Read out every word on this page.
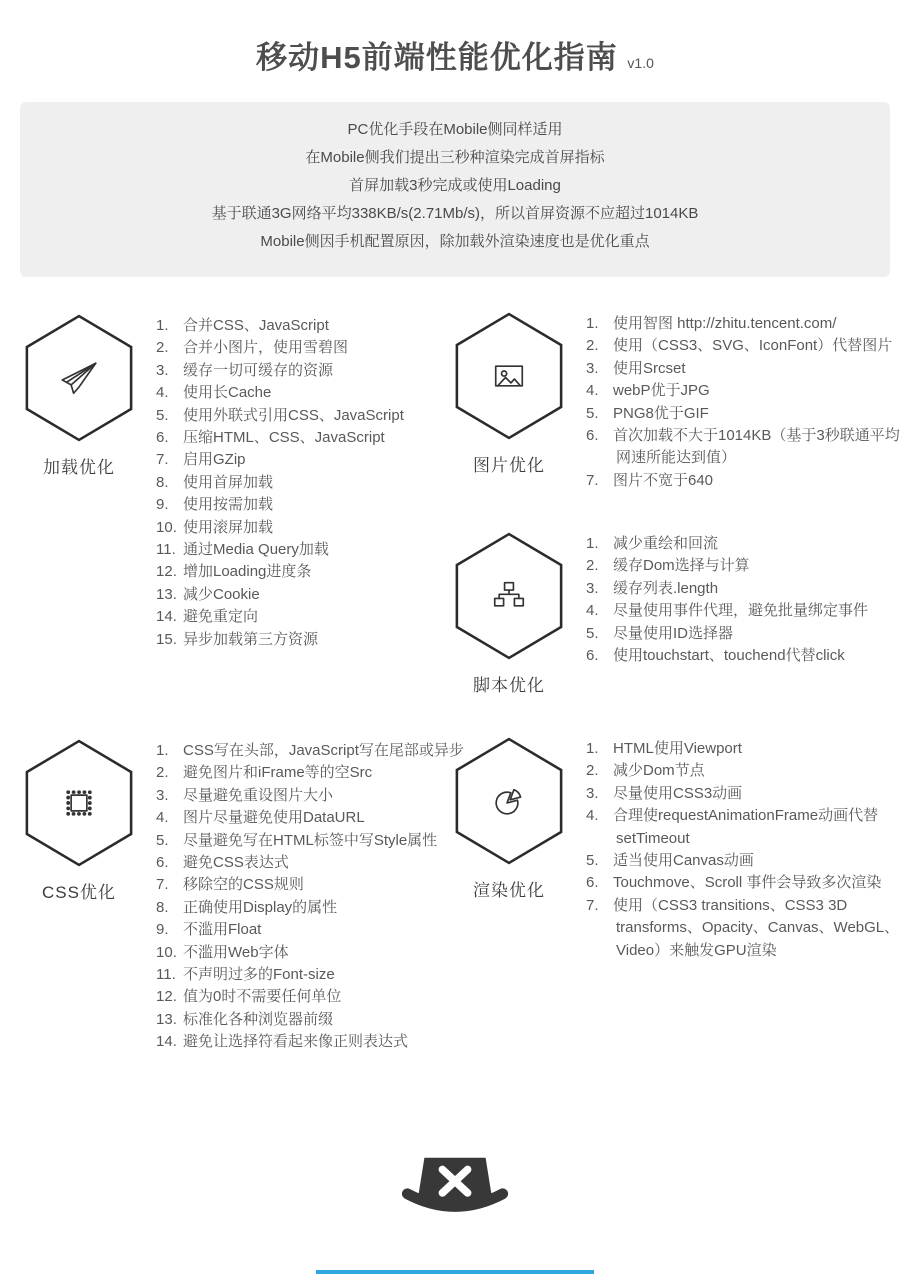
移动H5前端性能优化指南 v1.0

PC优化手段在Mobile侧同样适用

在Mobile侧我们提出三秒种渲染完成首屏指标

首屏加载3秒完成或使用Loading

基于联通3G网络平均338KB/s(2.71Mb/s)，所以首屏资源不应超过1014KB

Mobile侧因手机配置原因，除加载外渲染速度也是优化重点

加载优化
合并CSS、JavaScript
合并小图片，使用雪碧图
缓存一切可缓存的资源
使用长Cache
使用外联式引用CSS、JavaScript
压缩HTML、CSS、JavaScript
启用GZip
使用首屏加载
使用按需加载
使用滚屏加载
通过Media Query加载
增加Loading进度条
减少Cookie
避免重定向
异步加载第三方资源
图片优化
使用智图 http://zhitu.tencent.com/
使用（CSS3、SVG、IconFont）代替图片
使用Srcset
webP优于JPG
PNG8优于GIF
首次加载不大于1014KB（基于3秒联通平均网速所能达到值）
图片不宽于640
脚本优化
减少重绘和回流
缓存Dom选择与计算
缓存列表.length
尽量使用事件代理，避免批量绑定事件
尽量使用ID选择器
使用touchstart、touchend代替click
CSS优化
CSS写在头部，JavaScript写在尾部或异步
避免图片和iFrame等的空Src
尽量避免重设图片大小
图片尽量避免使用DataURL
尽量避免写在HTML标签中写Style属性
避免CSS表达式
移除空的CSS规则
正确使用Display的属性
不滥用Float
不滥用Web字体
不声明过多的Font-size
值为0时不需要任何单位
标准化各种浏览器前缀
避免让选择符看起来像正则表达式
渲染优化
HTML使用Viewport
减少Dom节点
尽量使用CSS3动画
合理使requestAnimationFrame动画代替setTimeout
适当使用Canvas动画
Touchmove、Scroll 事件会导致多次渲染
使用（CSS3 transitions、CSS3 3D transforms、Opacity、Canvas、WebGL、Video）来触发GPU渲染
